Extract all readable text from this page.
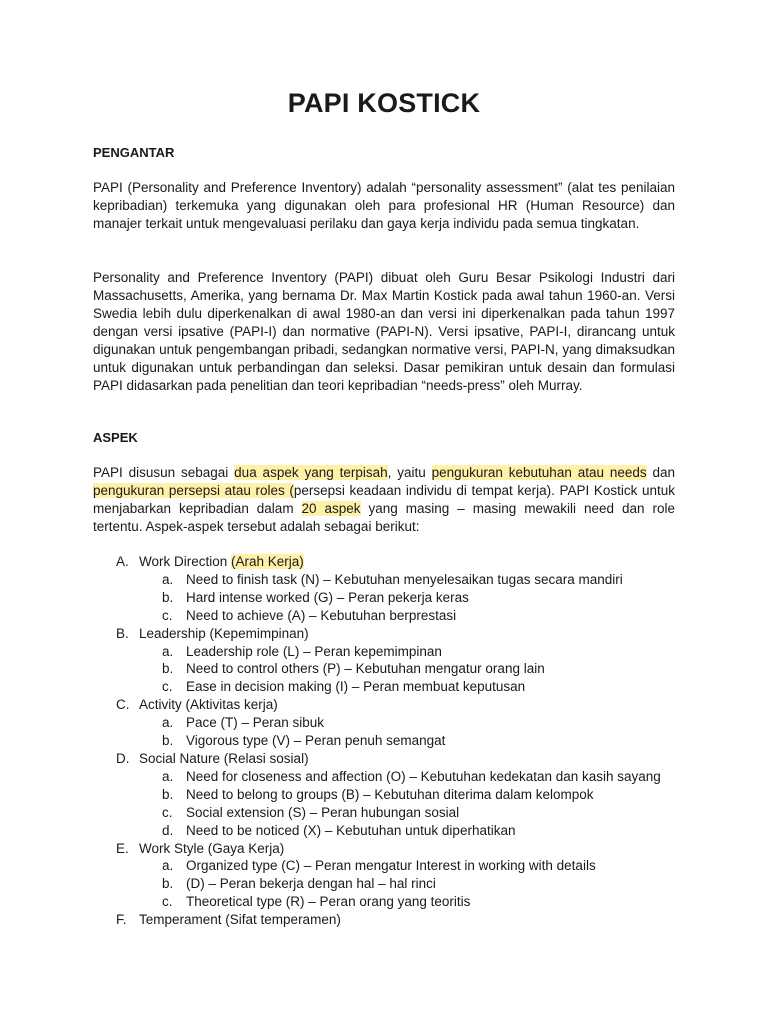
PAPI KOSTICK
PENGANTAR
PAPI (Personality and Preference Inventory) adalah “personality assessment” (alat tes penilaian kepribadian) terkemuka yang digunakan oleh para profesional HR (Human Resource) dan manajer terkait untuk mengevaluasi perilaku dan gaya kerja individu pada semua tingkatan.
Personality and Preference Inventory (PAPI) dibuat oleh Guru Besar Psikologi Industri dari Massachusetts, Amerika, yang bernama Dr. Max Martin Kostick pada awal tahun 1960-an. Versi Swedia lebih dulu diperkenalkan di awal 1980-an dan versi ini diperkenalkan pada tahun 1997 dengan versi ipsative (PAPI-I) dan normative (PAPI-N). Versi ipsative, PAPI-I, dirancang untuk digunakan untuk pengembangan pribadi, sedangkan normative versi, PAPI-N, yang dimaksudkan untuk digunakan untuk perbandingan dan seleksi. Dasar pemikiran untuk desain dan formulasi PAPI didasarkan pada penelitian dan teori kepribadian “needs-press” oleh Murray.
ASPEK
PAPI disusun sebagai dua aspek yang terpisah, yaitu pengukuran kebutuhan atau needs dan pengukuran persepsi atau roles (persepsi keadaan individu di tempat kerja). PAPI Kostick untuk menjabarkan kepribadian dalam 20 aspek yang masing – masing mewakili need dan role tertentu. Aspek-aspek tersebut adalah sebagai berikut:
A. Work Direction (Arah Kerja)
a. Need to finish task (N) – Kebutuhan menyelesaikan tugas secara mandiri
b. Hard intense worked (G) – Peran pekerja keras
c. Need to achieve (A) – Kebutuhan berprestasi
B. Leadership (Kepemimpinan)
a. Leadership role (L) – Peran kepemimpinan
b. Need to control others (P) – Kebutuhan mengatur orang lain
c. Ease in decision making (I) – Peran membuat keputusan
C. Activity (Aktivitas kerja)
a. Pace (T) – Peran sibuk
b. Vigorous type (V) – Peran penuh semangat
D. Social Nature (Relasi sosial)
a. Need for closeness and affection (O) – Kebutuhan kedekatan dan kasih sayang
b. Need to belong to groups (B) – Kebutuhan diterima dalam kelompok
c. Social extension (S) – Peran hubungan sosial
d. Need to be noticed (X) – Kebutuhan untuk diperhatikan
E. Work Style (Gaya Kerja)
a. Organized type (C) – Peran mengatur Interest in working with details
b. (D) – Peran bekerja dengan hal – hal rinci
c. Theoretical type (R) – Peran orang yang teoritis
F. Temperament (Sifat temperamen)
